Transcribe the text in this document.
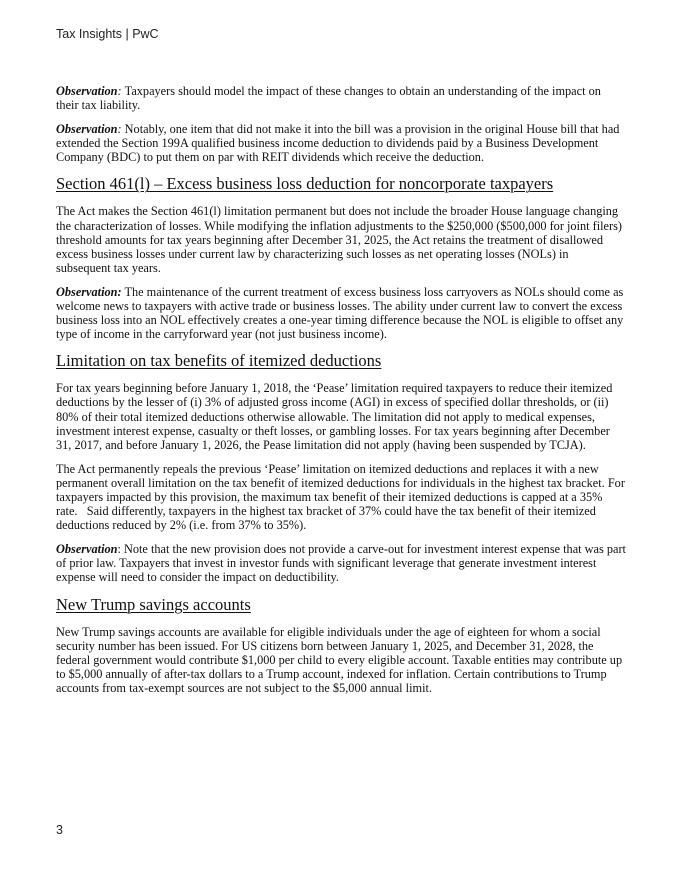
Tax Insights | PwC

Observation: Taxpayers should model the impact of these changes to obtain an understanding of the impact on their tax liability.

Observation: Notably, one item that did not make it into the bill was a provision in the original House bill that had extended the Section 199A qualified business income deduction to dividends paid by a Business Development Company (BDC) to put them on par with REIT dividends which receive the deduction.

Section 461(l) – Excess business loss deduction for noncorporate taxpayers

The Act makes the Section 461(l) limitation permanent but does not include the broader House language changing the characterization of losses. While modifying the inflation adjustments to the $250,000 ($500,000 for joint filers) threshold amounts for tax years beginning after December 31, 2025, the Act retains the treatment of disallowed excess business losses under current law by characterizing such losses as net operating losses (NOLs) in subsequent tax years.

Observation: The maintenance of the current treatment of excess business loss carryovers as NOLs should come as welcome news to taxpayers with active trade or business losses. The ability under current law to convert the excess business loss into an NOL effectively creates a one-year timing difference because the NOL is eligible to offset any type of income in the carryforward year (not just business income).

Limitation on tax benefits of itemized deductions

For tax years beginning before January 1, 2018, the ‘Pease’ limitation required taxpayers to reduce their itemized deductions by the lesser of (i) 3% of adjusted gross income (AGI) in excess of specified dollar thresholds, or (ii) 80% of their total itemized deductions otherwise allowable. The limitation did not apply to medical expenses, investment interest expense, casualty or theft losses, or gambling losses. For tax years beginning after December 31, 2017, and before January 1, 2026, the Pease limitation did not apply (having been suspended by TCJA).

The Act permanently repeals the previous ‘Pease’ limitation on itemized deductions and replaces it with a new permanent overall limitation on the tax benefit of itemized deductions for individuals in the highest tax bracket. For taxpayers impacted by this provision, the maximum tax benefit of their itemized deductions is capped at a 35% rate.   Said differently, taxpayers in the highest tax bracket of 37% could have the tax benefit of their itemized deductions reduced by 2% (i.e. from 37% to 35%).

Observation: Note that the new provision does not provide a carve-out for investment interest expense that was part of prior law. Taxpayers that invest in investor funds with significant leverage that generate investment interest expense will need to consider the impact on deductibility.

New Trump savings accounts

New Trump savings accounts are available for eligible individuals under the age of eighteen for whom a social security number has been issued. For US citizens born between January 1, 2025, and December 31, 2028, the federal government would contribute $1,000 per child to every eligible account. Taxable entities may contribute up to $5,000 annually of after-tax dollars to a Trump account, indexed for inflation. Certain contributions to Trump accounts from tax-exempt sources are not subject to the $5,000 annual limit.

3
